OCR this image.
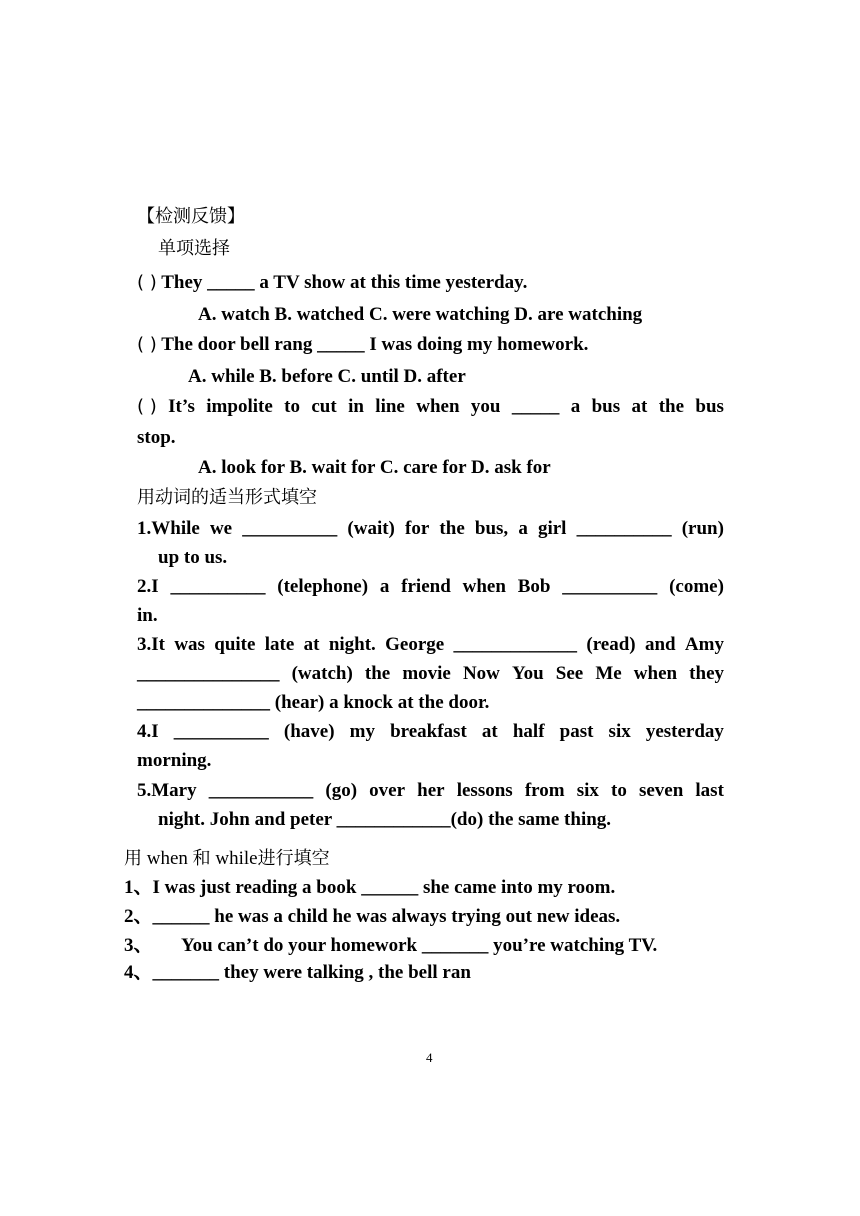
【检测反馈】
单项选择
( ) They _____ a TV show at this time yesterday.
A. watch B. watched C. were watching D. are watching
( ) The door bell rang _____ I was doing my homework.
A. while B. before C. until D. after
( ) It’s impolite to cut in line when you _____ a bus at the bus
stop.
A. look for B. wait for C. care for D. ask for
用动词的适当形式填空
1.While we __________ (wait) for the bus, a girl __________ (run)
up to us.
2.I __________ (telephone) a friend when Bob __________ (come)
in.
3.It was quite late at night. George _____________ (read) and Amy
_______________ (watch) the movie Now You See Me when they
______________ (hear) a knock at the door.
4.I __________ (have) my breakfast at half past six yesterday
morning.
5.Mary ___________ (go) over her lessons from six to seven last
night. John and peter ____________(do) the same thing.
用 when 和 while进行填空
1、I was just reading a book ______ she came into my room.
2、______ he was a child he was always trying out new ideas.
3、      You can’t do your homework _______ you’re watching TV.
4、_______ they were talking , the bell ran
4
